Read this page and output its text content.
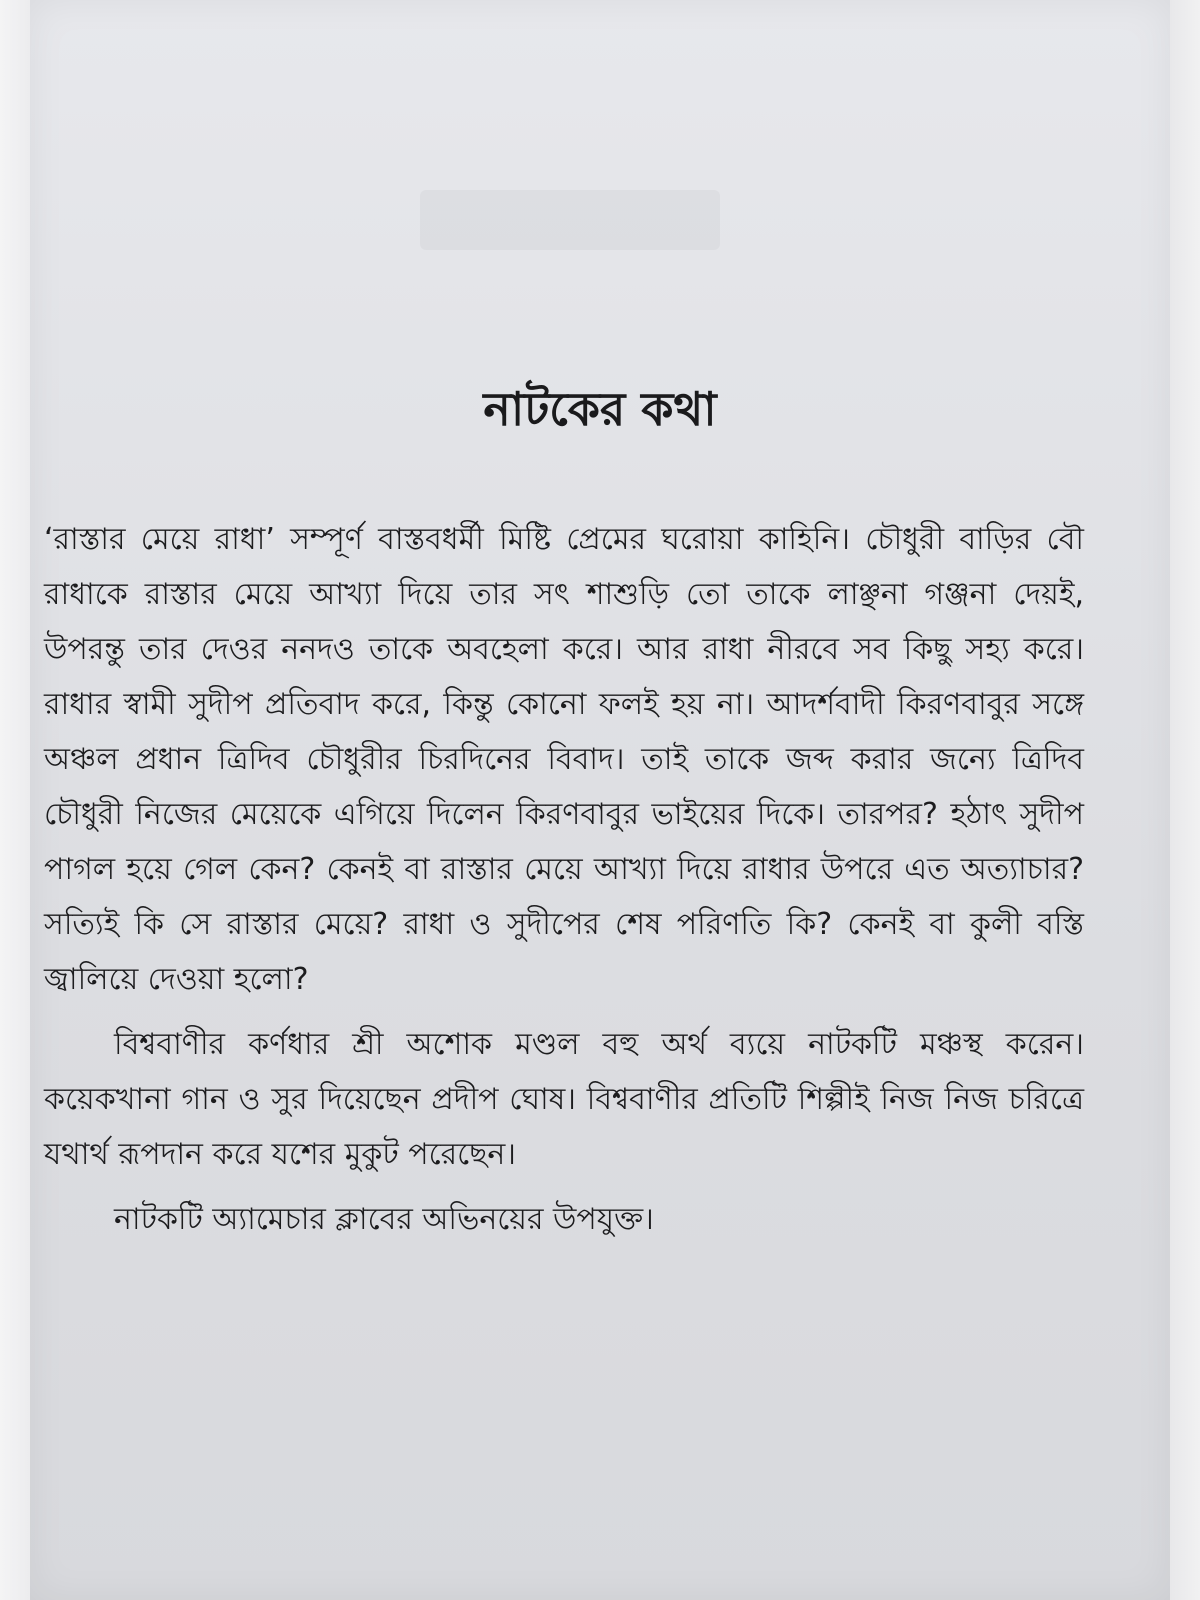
নাটকের কথা

‘রাস্তার মেয়ে রাধা’ সম্পূর্ণ বাস্তবধর্মী মিষ্টি প্রেমের ঘরোয়া কাহিনি। চৌধুরী বাড়ির বৌ রাধাকে রাস্তার মেয়ে আখ্যা দিয়ে তার সৎ শাশুড়ি তো তাকে লাঞ্ছনা গঞ্জনা দেয়ই, উপরন্তু তার দেওর ননদও তাকে অবহেলা করে। আর রাধা নীরবে সব কিছু সহ্য করে। রাধার স্বামী সুদীপ প্রতিবাদ করে, কিন্তু কোনো ফলই হয় না। আদর্শবাদী কিরণবাবুর সঙ্গে অঞ্চল প্রধান ত্রিদিব চৌধুরীর চিরদিনের বিবাদ। তাই তাকে জব্দ করার জন্যে ত্রিদিব চৌধুরী নিজের মেয়েকে এগিয়ে দিলেন কিরণবাবুর ভাইয়ের দিকে। তারপর? হঠাৎ সুদীপ পাগল হয়ে গেল কেন? কেনই বা রাস্তার মেয়ে আখ্যা দিয়ে রাধার উপরে এত অত্যাচার? সত্যিই কি সে রাস্তার মেয়ে? রাধা ও সুদীপের শেষ পরিণতি কি? কেনই বা কুলী বস্তি জ্বালিয়ে দেওয়া হলো?

বিশ্ববাণীর কর্ণধার শ্রী অশোক মণ্ডল বহু অর্থ ব্যয়ে নাটকটি মঞ্চস্থ করেন। কয়েকখানা গান ও সুর দিয়েছেন প্রদীপ ঘোষ। বিশ্ববাণীর প্রতিটি শিল্পীই নিজ নিজ চরিত্রে যথার্থ রূপদান করে যশের মুকুট পরেছেন।

নাটকটি অ্যামেচার ক্লাবের অভিনয়ের উপযুক্ত।
